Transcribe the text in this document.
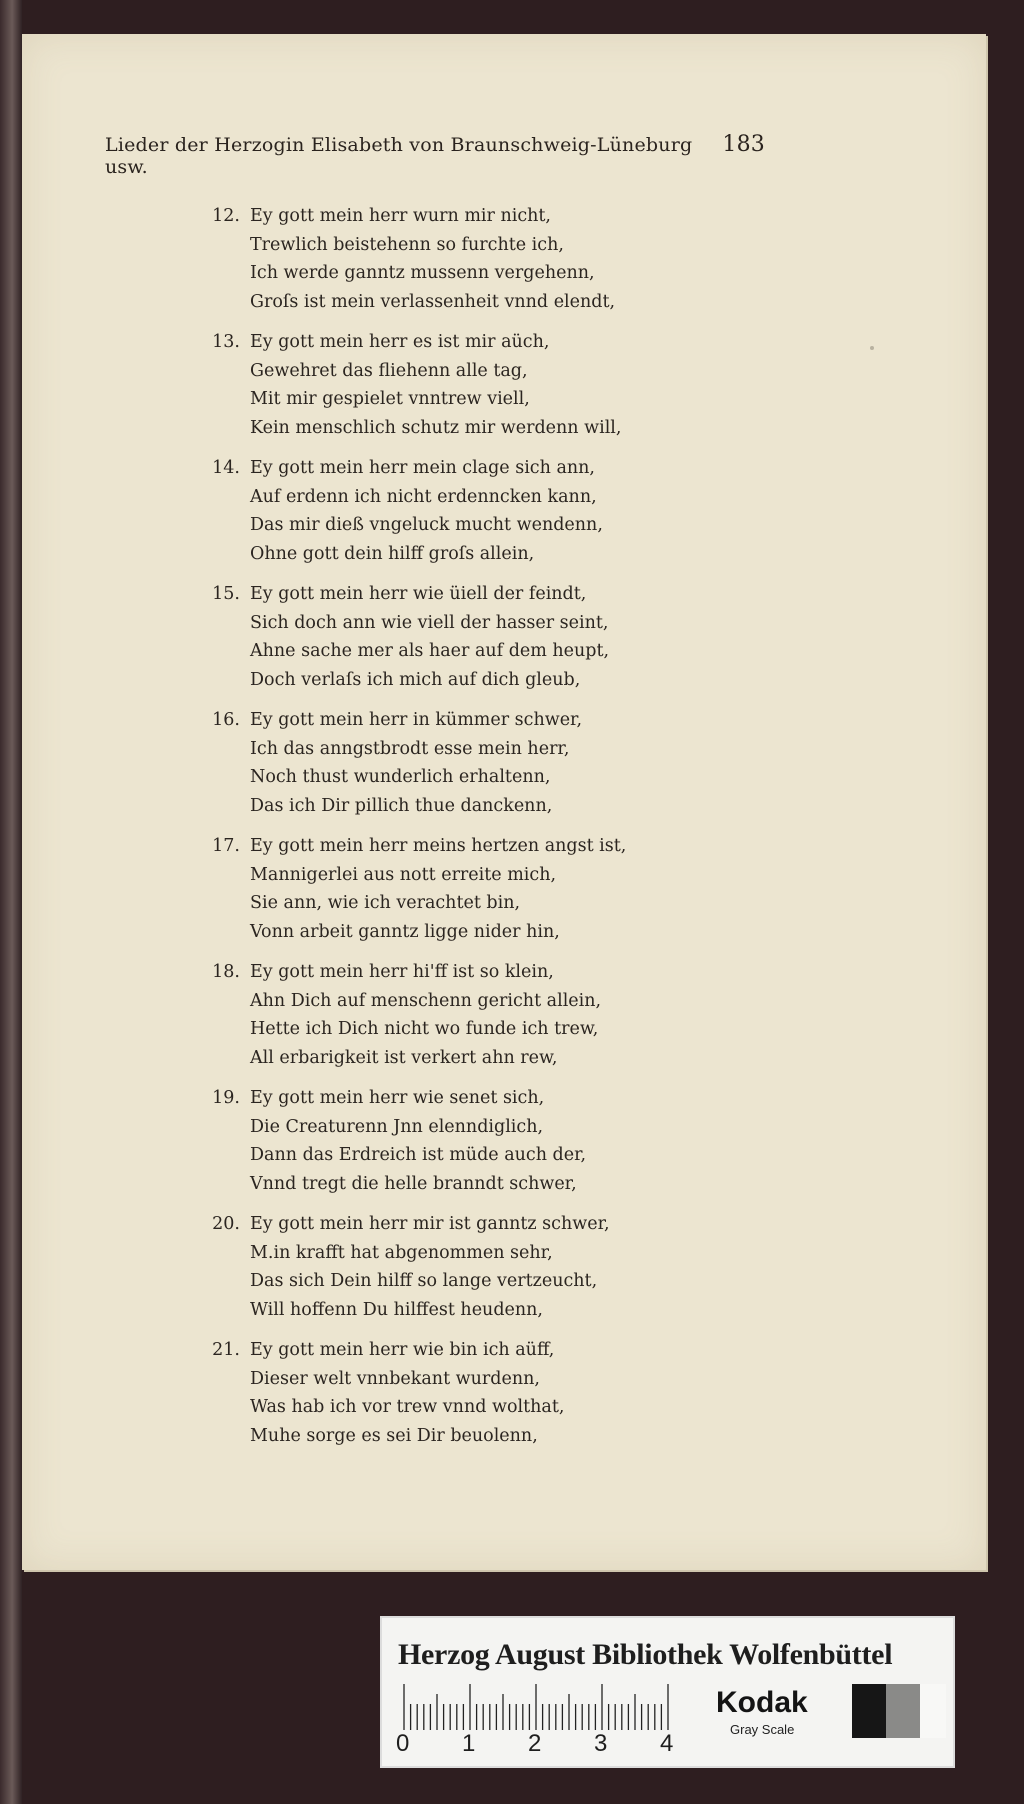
Lieder der Herzogin Elisabeth von Braunschweig-Lüneburg usw.
183
12. Ey gott mein herr wurn mir nicht,
Trewlich beistehenn so furchte ich,
Ich werde ganntz mussenn vergehenn,
Groſs ist mein verlassenheit vnnd elendt,
13. Ey gott mein herr es ist mir aüch,
Gewehret das fliehenn alle tag,
Mit mir gespielet vnntrew viell,
Kein menschlich schutz mir werdenn will,
14. Ey gott mein herr mein clage sich ann,
Auf erdenn ich nicht erdenncken kann,
Das mir dieß vngeluck mucht wendenn,
Ohne gott dein hilff groſs allein,
15. Ey gott mein herr wie üiell der feindt,
Sich doch ann wie viell der hasser seint,
Ahne sache mer als haer auf dem heupt,
Doch verlaſs ich mich auf dich gleub,
16. Ey gott mein herr in kümmer schwer,
Ich das anngstbrodt esse mein herr,
Noch thust wunderlich erhaltenn,
Das ich Dir pillich thue danckenn,
17. Ey gott mein herr meins hertzen angst ist,
Mannigerlei aus nott erreite mich,
Sie ann, wie ich veraсhtet bin,
Vonn arbeit ganntz ligge nider hin,
18. Ey gott mein herr hi'ff ist so klein,
Ahn Dich auf menschenn gericht allein,
Hette ich Dich nicht wo funde ich trew,
All erbarigkeit ist verkert ahn rew,
19. Ey gott mein herr wie senet sich,
Die Creaturenn Jnn elenndiglich,
Dann das Erdreich ist müde auch der,
Vnnd tregt die helle branndt schwer,
20. Ey gott mein herr mir ist ganntz schwer,
M.in krafft hat abgenommen sehr,
Das sich Dein hilff so lange vertzeucht,
Will hoffenn Du hilffest heudenn,
21. Ey gott mein herr wie bin ich aüff,
Dieser welt vnnbekant wurdenn,
Was hab ich vor trew vnnd wolthat,
Muhe sorge es sei Dir beuolenn,
Herzog August Bibliothek Wolfenbüttel
0 1 2 3 4
Kodak
Gray Scale
